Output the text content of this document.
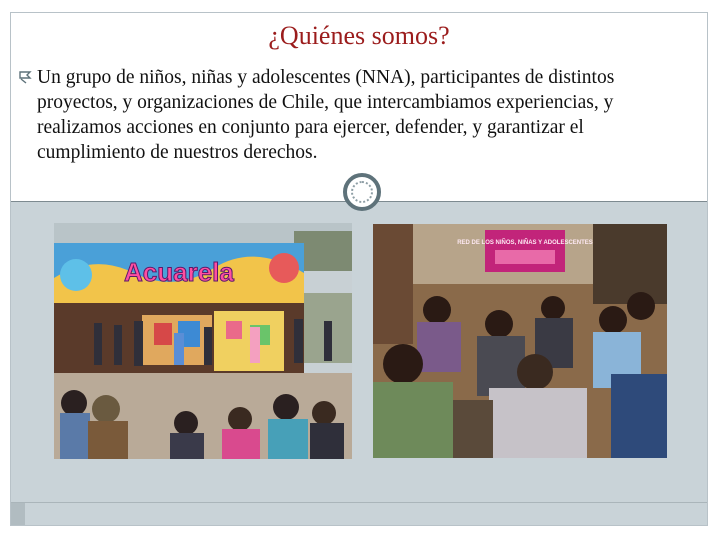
¿Quiénes somos?
Un grupo de niños, niñas y adolescentes (NNA), participantes de distintos proyectos, y organizaciones de Chile, que intercambiamos experiencias, y realizamos acciones en conjunto para ejercer, defender, y garantizar el cumplimiento de nuestros derechos.
Acuarela
RED DE LOS NIÑOS, NIÑAS Y ADOLESCENTES
